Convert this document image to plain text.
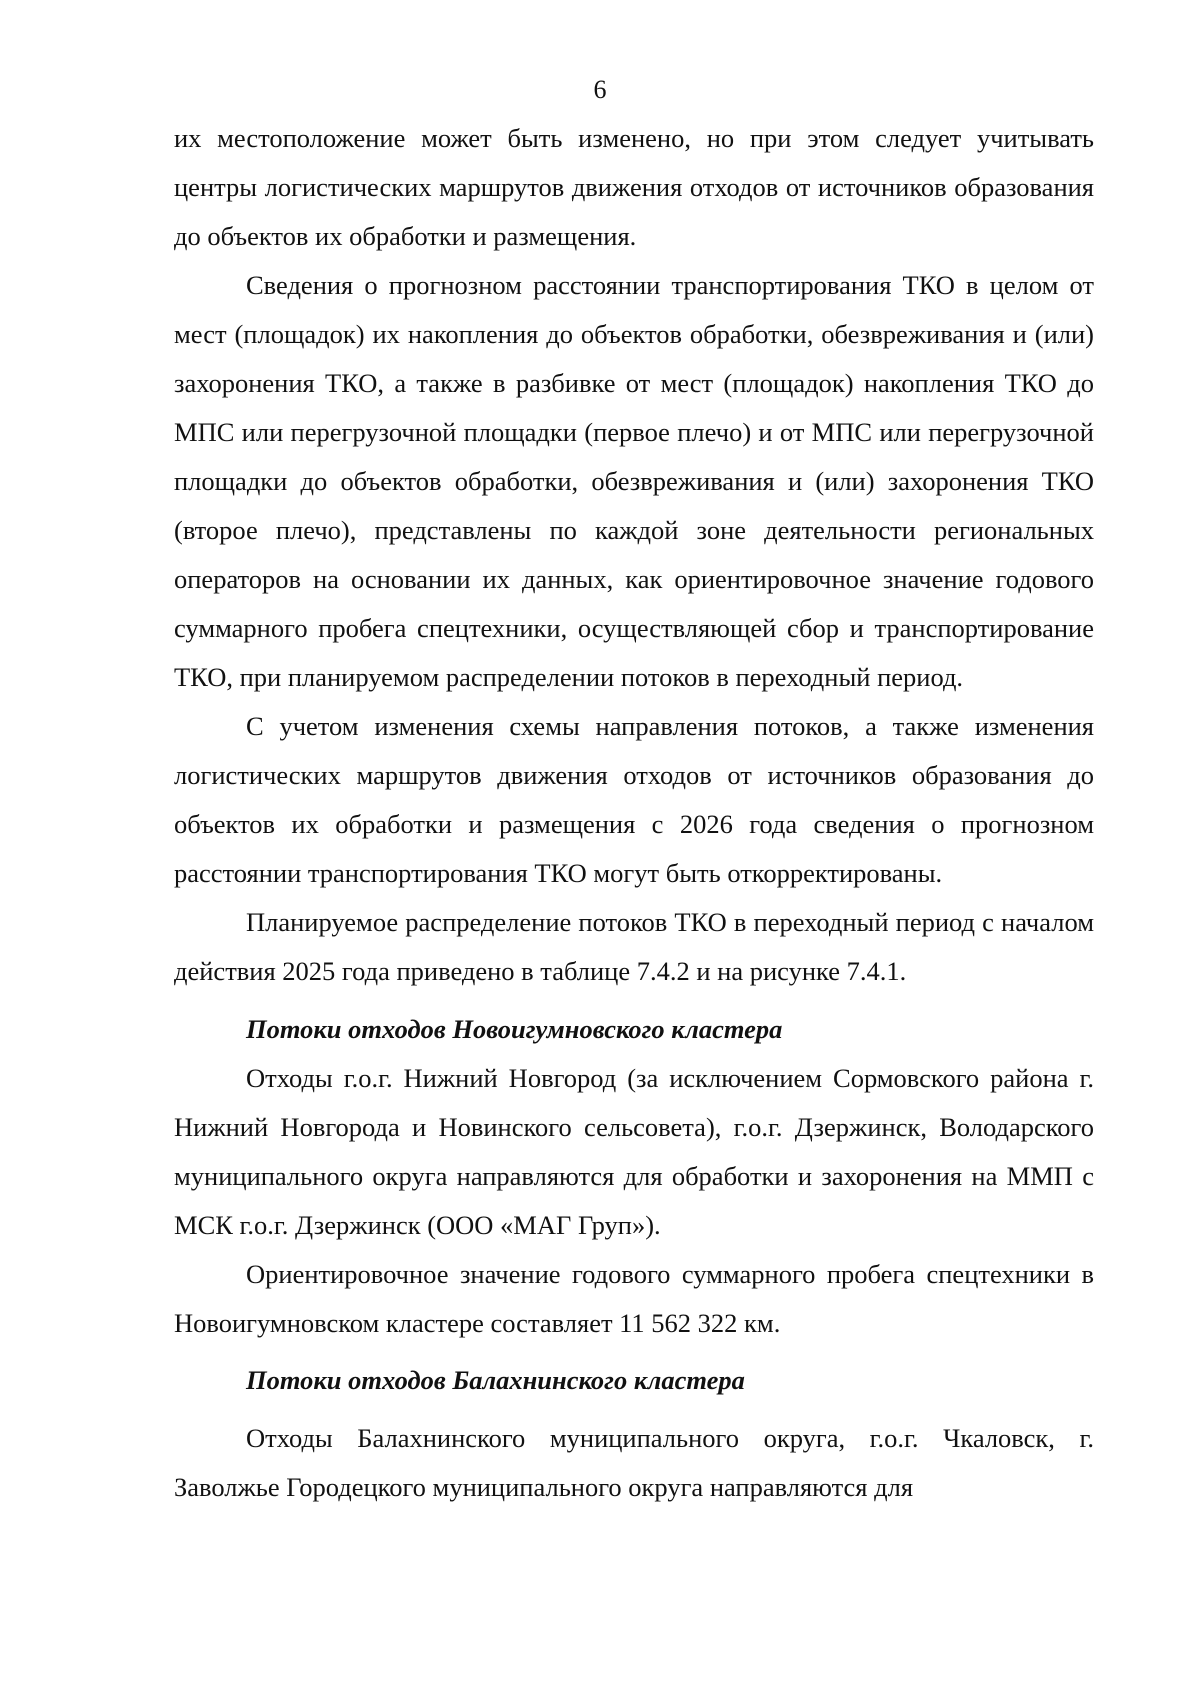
6

их местоположение может быть изменено, но при этом следует учитывать центры логистических маршрутов движения отходов от источников образования до объектов их обработки и размещения.

Сведения о прогнозном расстоянии транспортирования ТКО в целом от мест (площадок) их накопления до объектов обработки, обезвреживания и (или) захоронения ТКО, а также в разбивке от мест (площадок) накопления ТКО до МПС или перегрузочной площадки (первое плечо) и от МПС или перегрузочной площадки до объектов обработки, обезвреживания и (или) захоронения ТКО (второе плечо), представлены по каждой зоне деятельности региональных операторов на основании их данных, как ориентировочное значение годового суммарного пробега спецтехники, осуществляющей сбор и транспортирование ТКО, при планируемом распределении потоков в переходный период.

С учетом изменения схемы направления потоков, а также изменения логистических маршрутов движения отходов от источников образования до объектов их обработки и размещения с 2026 года сведения о прогнозном расстоянии транспортирования ТКО могут быть откорректированы.

Планируемое распределение потоков ТКО в переходный период с началом действия 2025 года приведено в таблице 7.4.2 и на рисунке 7.4.1.

Потоки отходов Новоигумновского кластера

Отходы г.о.г. Нижний Новгород (за исключением Сормовского района г. Нижний Новгорода и Новинского сельсовета), г.о.г. Дзержинск, Володарского муниципального округа направляются для обработки и захоронения на ММП с МСК г.о.г. Дзержинск (ООО «МАГ Груп»).

Ориентировочное значение годового суммарного пробега спецтехники в Новоигумновском кластере составляет 11 562 322 км.

Потоки отходов Балахнинского кластера

Отходы Балахнинского муниципального округа, г.о.г. Чкаловск, г. Заволжье Городецкого муниципального округа направляются для
